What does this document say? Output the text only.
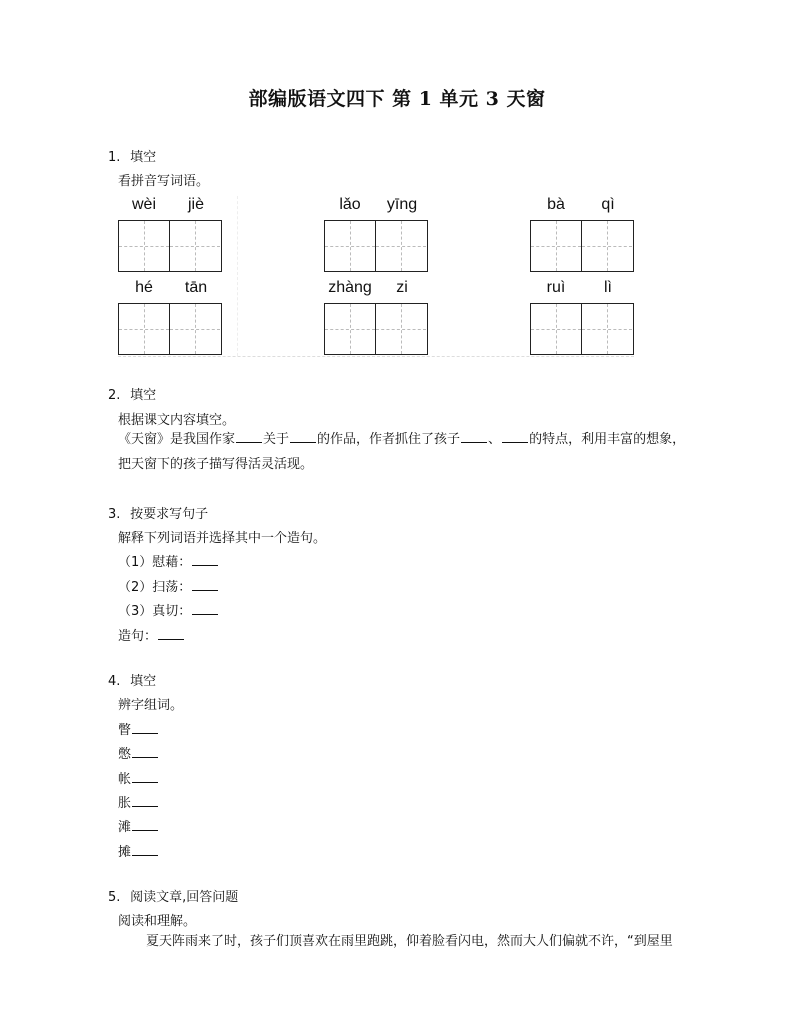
部编版语文四下 第 1 单元 3 天窗
1. 填空
看拼音写词语。
wèi	jiè	lǎo	yīng	bà	qì
hé	tān	zhàng	zi	ruì	lì
2. 填空
根据课文内容填空。
《天窗》是我国作家 关于 的作品，作者抓住了孩子 、 的特点，利用丰富的想象，
把天窗下的孩子描写得活灵活现。
3. 按要求写句子
解释下列词语并选择其中一个造句。
（1）慰藉：
（2）扫荡：
（3）真切：
造句：
4. 填空
辨字组词。
瞥
憋
帐
胀
滩
摊
5. 阅读文章,回答问题
阅读和理解。
夏天阵雨来了时，孩子们顶喜欢在雨里跑跳，仰着脸看闪电，然而大人们偏就不许，“到屋里
